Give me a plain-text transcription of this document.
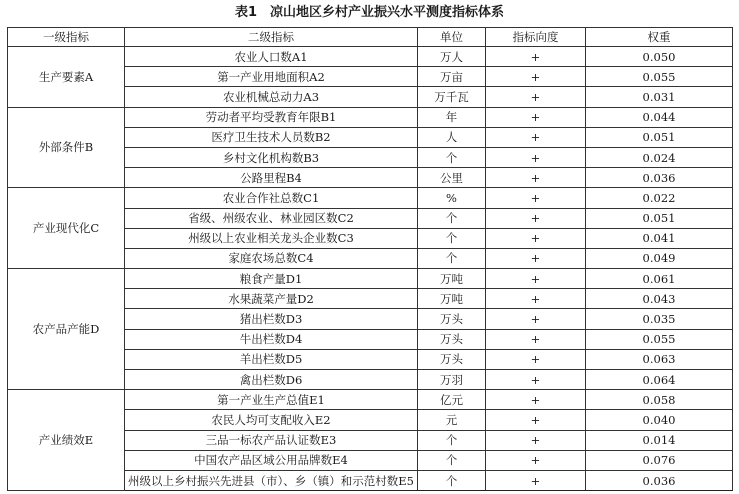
表1　凉山地区乡村产业振兴水平测度指标体系
一级指标	二级指标	单位	指标向度	权重
生产要素A	农业人口数A1	万人	+	0.050
	第一产业用地面积A2	万亩	+	0.055
	农业机械总动力A3	万千瓦	+	0.031
外部条件B	劳动者平均受教育年限B1	年	+	0.044
	医疗卫生技术人员数B2	人	+	0.051
	乡村文化机构数B3	个	+	0.024
	公路里程B4	公里	+	0.036
产业现代化C	农业合作社总数C1	%	+	0.022
	省级、州级农业、林业园区数C2	个	+	0.051
	州级以上农业相关龙头企业数C3	个	+	0.041
	家庭农场总数C4	个	+	0.049
农产品产能D	粮食产量D1	万吨	+	0.061
	水果蔬菜产量D2	万吨	+	0.043
	猪出栏数D3	万头	+	0.035
	牛出栏数D4	万头	+	0.055
	羊出栏数D5	万头	+	0.063
	禽出栏数D6	万羽	+	0.064
产业绩效E	第一产业生产总值E1	亿元	+	0.058
	农民人均可支配收入E2	元	+	0.040
	三品一标农产品认证数E3	个	+	0.014
	中国农产品区域公用品牌数E4	个	+	0.076
	州级以上乡村振兴先进县（市）、乡（镇）和示范村数E5	个	+	0.036
